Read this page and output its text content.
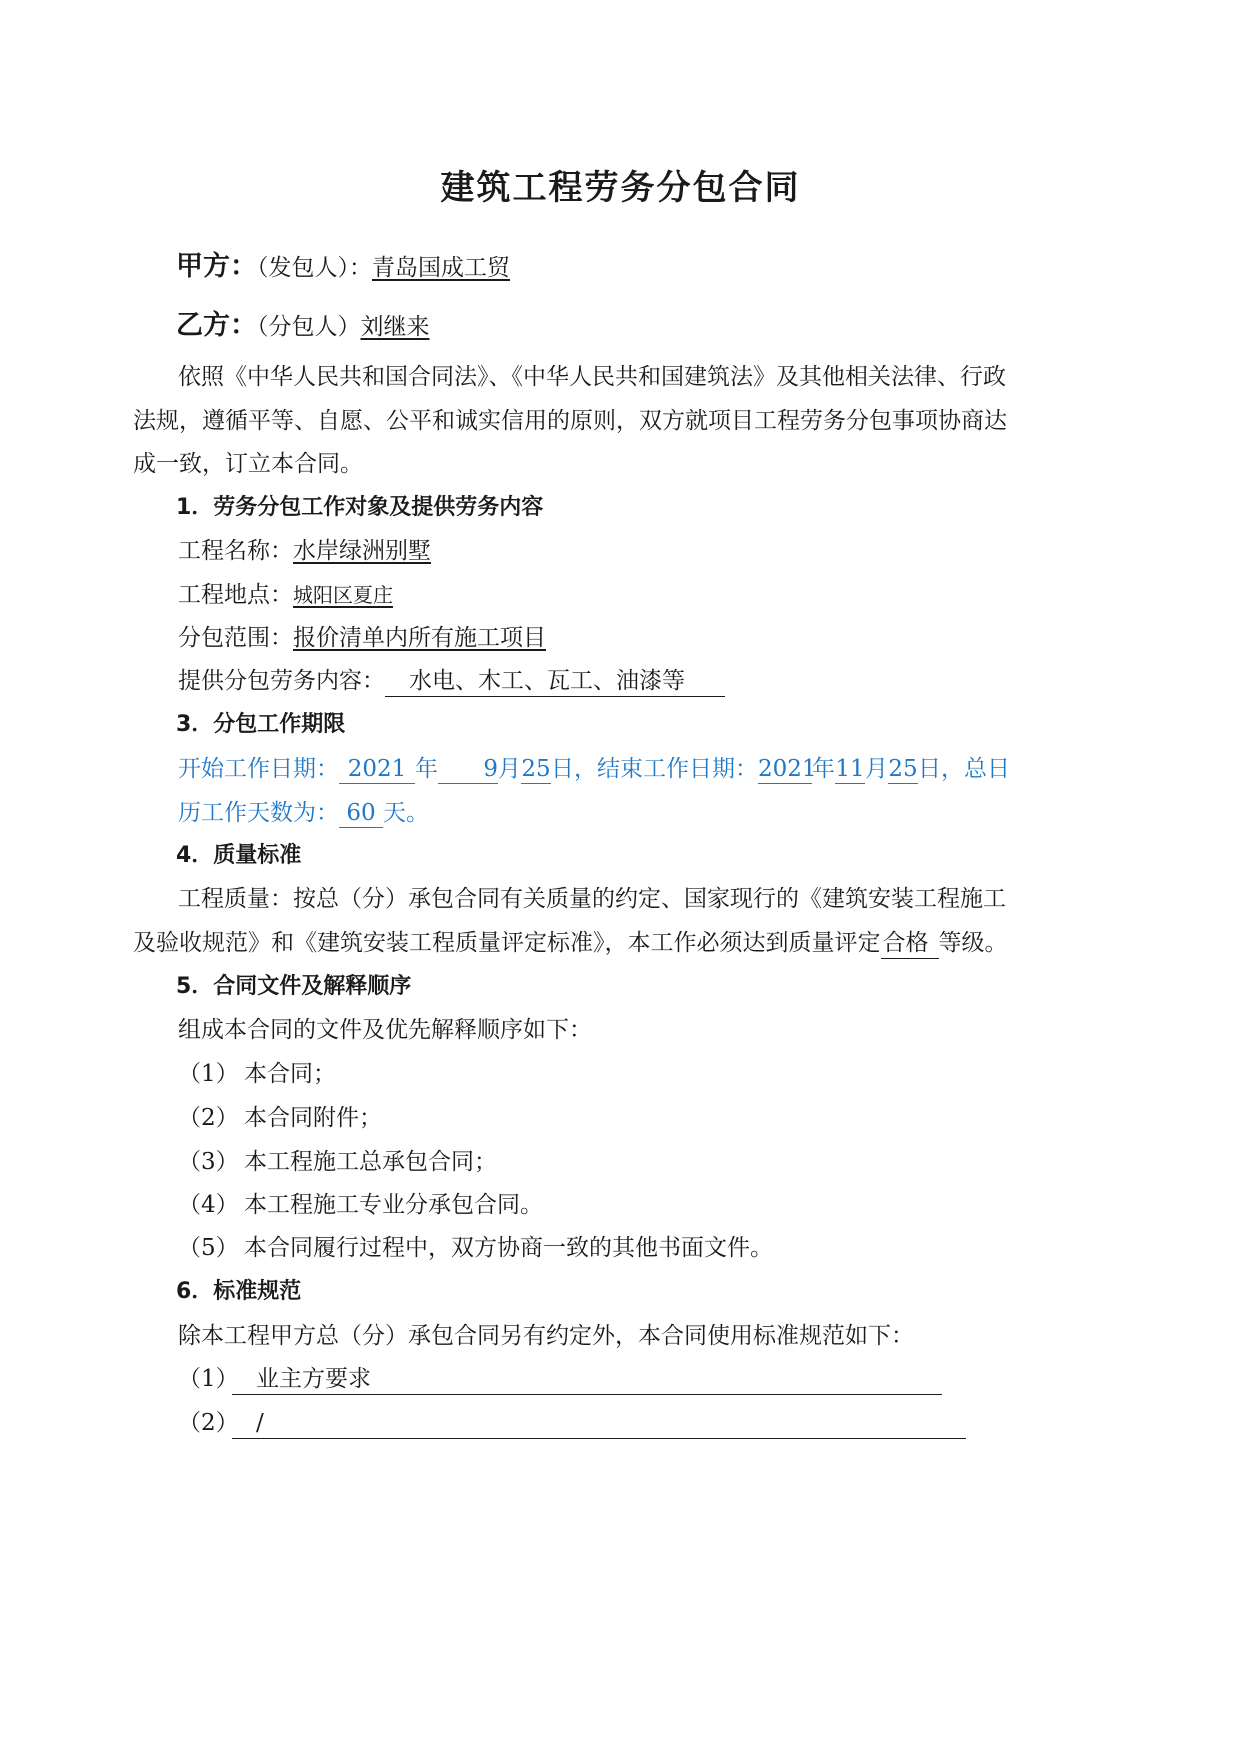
建筑工程劳务分包合同
甲方：（发包人）：青岛国成工贸
乙方：（分包人）刘继来
依照《中华人民共和国合同法》、《中华人民共和国建筑法》及其他相关法律、行政
法规，遵循平等、自愿、公平和诚实信用的原则，双方就项目工程劳务分包事项协商达
成一致，订立本合同。
1．劳务分包工作对象及提供劳务内容
工程名称：水岸绿洲别墅
工程地点：城阳区夏庄
分包范围：报价清单内所有施工项目
提供分包劳务内容： 水电、木工、瓦工、油漆等
3．分包工作期限
开始工作日期： 2021 年 9月25日，结束工作日期：2021年11月25日，总日
历工作天数为： 60 天。
4．质量标准
工程质量：按总（分）承包合同有关质量的约定、国家现行的《建筑安装工程施工
及验收规范》和《建筑安装工程质量评定标准》，本工作必须达到质量评定合格 等级。
5．合同文件及解释顺序
组成本合同的文件及优先解释顺序如下：
（1） 本合同；
（2） 本合同附件；
（3） 本工程施工总承包合同；
（4） 本工程施工专业分承包合同。
（5） 本合同履行过程中，双方协商一致的其他书面文件。
6．标准规范
除本工程甲方总（分）承包合同另有约定外，本合同使用标准规范如下：
（1） 业主方要求
（2） /
